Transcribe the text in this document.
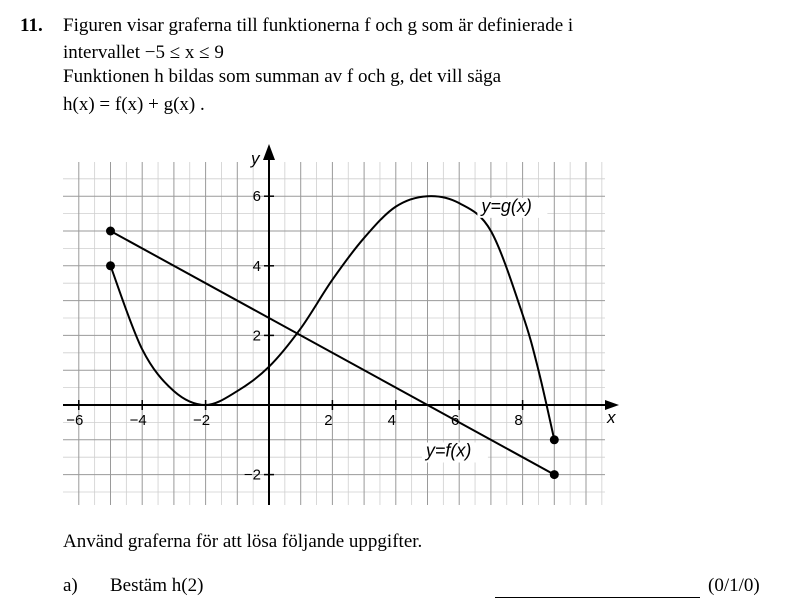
11. Figuren visar graferna till funktionerna f och g som är definierade i
intervallet −5 ≤ x ≤ 9
Funktionen h bildas som summan av f och g, det vill säga
h(x) = f(x) + g(x) .
−6	−4	−2	2	4	6	8
−2
2
4
6
x
y
y=g(x)
y=f(x)
Använd graferna för att lösa följande uppgifter.
a) Bestäm h(2)	(0/1/0)
